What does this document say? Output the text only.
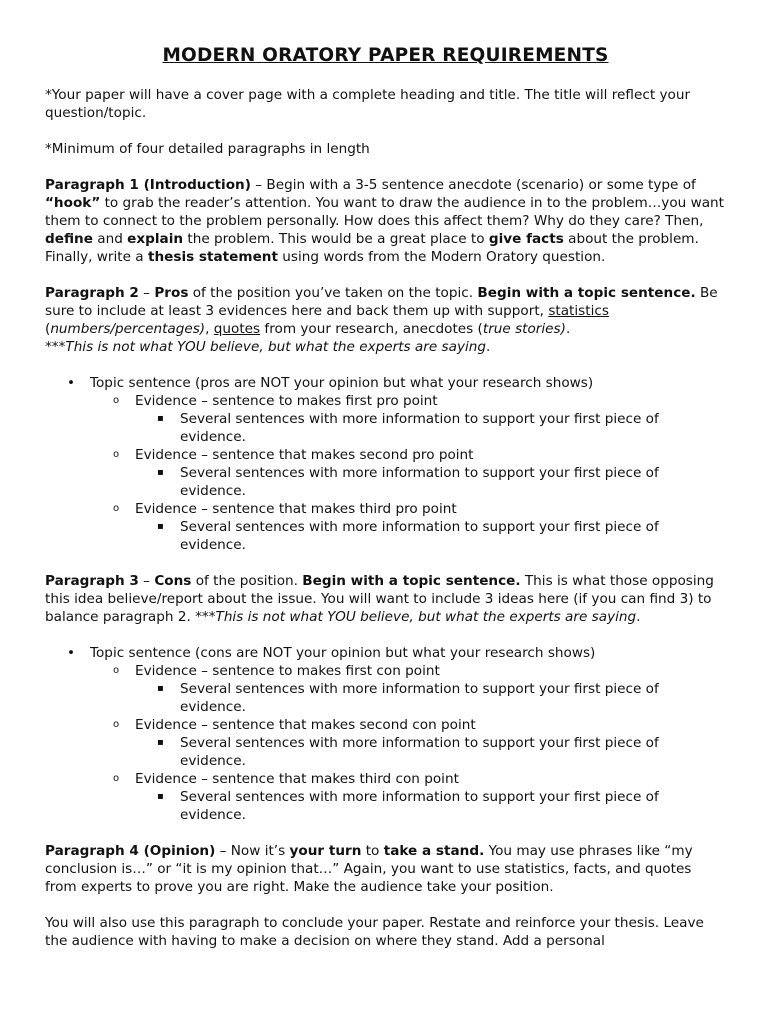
MODERN ORATORY PAPER REQUIREMENTS

*Your paper will have a cover page with a complete heading and title. The title will reflect your question/topic.

*Minimum of four detailed paragraphs in length

Paragraph 1 (Introduction) – Begin with a 3-5 sentence anecdote (scenario) or some type of “hook” to grab the reader’s attention. You want to draw the audience in to the problem…you want them to connect to the problem personally. How does this affect them? Why do they care? Then, define and explain the problem. This would be a great place to give facts about the problem. Finally, write a thesis statement using words from the Modern Oratory question.

Paragraph 2 – Pros of the position you’ve taken on the topic. Begin with a topic sentence. Be sure to include at least 3 evidences here and back them up with support, statistics (numbers/percentages), quotes from your research, anecdotes (true stories).
***This is not what YOU believe, but what the experts are saying.

• Topic sentence (pros are NOT your opinion but what your research shows)
o Evidence – sentence to makes first pro point
▪ Several sentences with more information to support your first piece of evidence.
o Evidence – sentence that makes second pro point
▪ Several sentences with more information to support your first piece of evidence.
o Evidence – sentence that makes third pro point
▪ Several sentences with more information to support your first piece of evidence.

Paragraph 3 – Cons of the position. Begin with a topic sentence. This is what those opposing this idea believe/report about the issue. You will want to include 3 ideas here (if you can find 3) to balance paragraph 2. ***This is not what YOU believe, but what the experts are saying.

• Topic sentence (cons are NOT your opinion but what your research shows)
o Evidence – sentence to makes first con point
▪ Several sentences with more information to support your first piece of evidence.
o Evidence – sentence that makes second con point
▪ Several sentences with more information to support your first piece of evidence.
o Evidence – sentence that makes third con point
▪ Several sentences with more information to support your first piece of evidence.

Paragraph 4 (Opinion) – Now it’s your turn to take a stand. You may use phrases like “my conclusion is…” or “it is my opinion that…” Again, you want to use statistics, facts, and quotes from experts to prove you are right. Make the audience take your position.

You will also use this paragraph to conclude your paper. Restate and reinforce your thesis. Leave the audience with having to make a decision on where they stand. Add a personal
